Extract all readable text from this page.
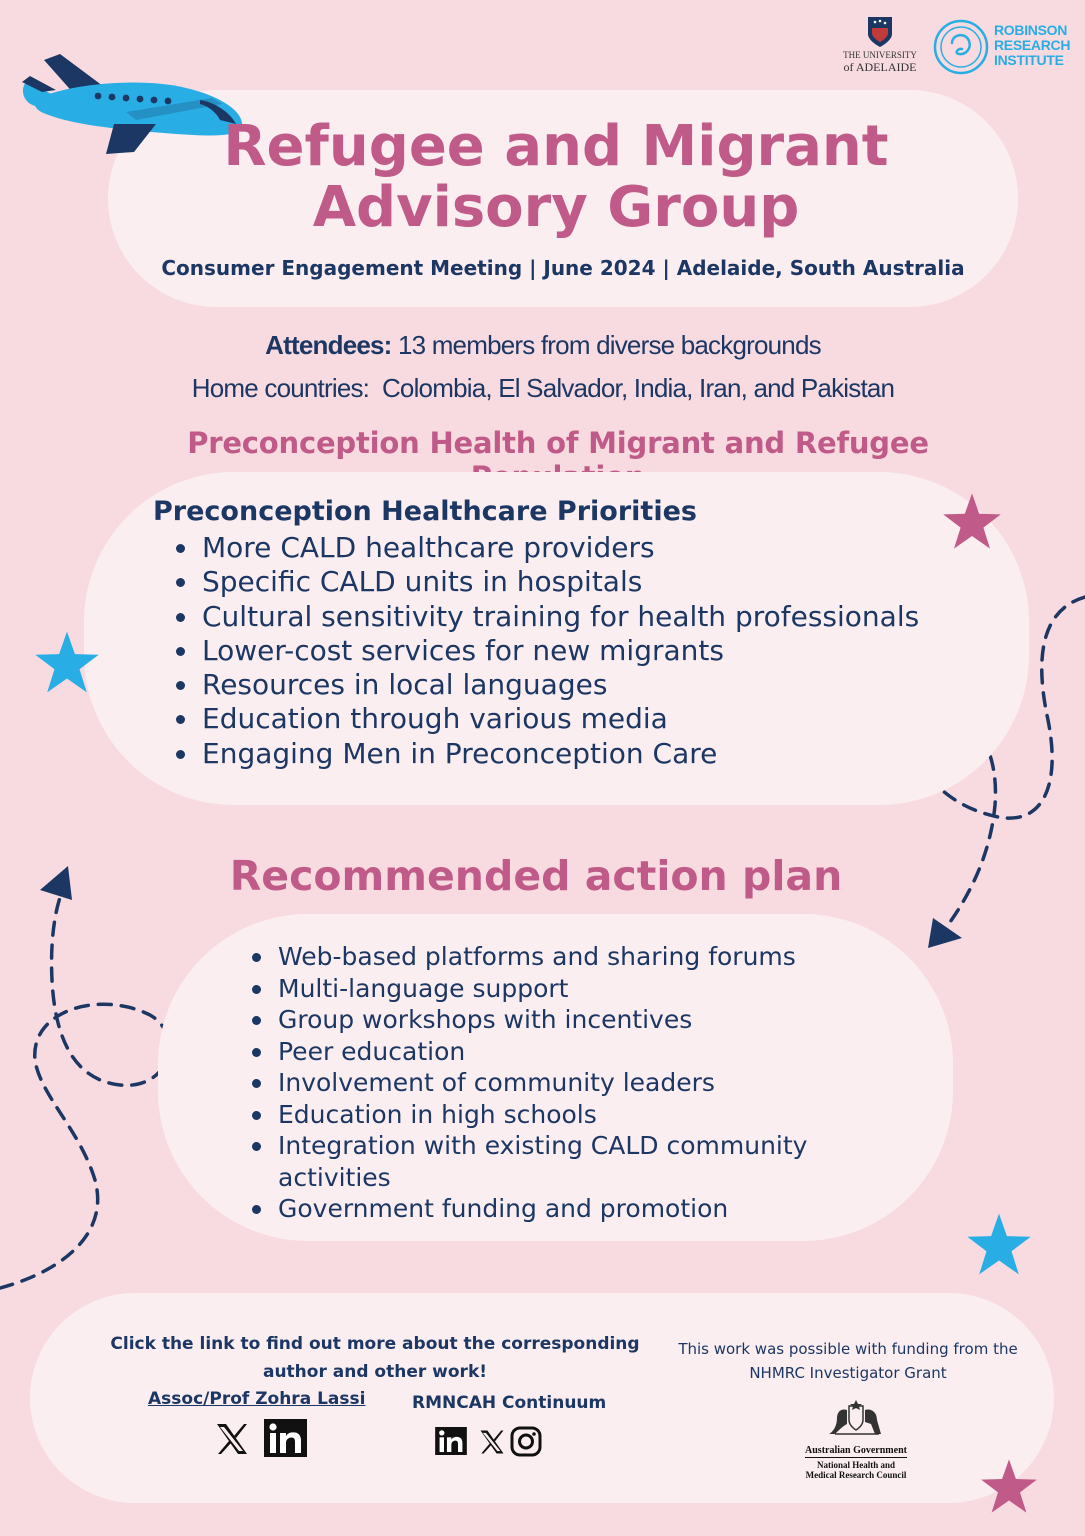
THE UNIVERSITY
of ADELAIDE
ROBINSON
RESEARCH
INSTITUTE
Refugee and Migrant
Advisory Group
Consumer Engagement Meeting | June 2024 | Adelaide, South Australia
Attendees: 13 members from diverse backgrounds
Home countries:  Colombia, El Salvador, India, Iran, and Pakistan
Preconception Health of Migrant and Refugee
Preconception Healthcare Priorities
More CALD healthcare providers
Specific CALD units in hospitals
Cultural sensitivity training for health professionals
Lower-cost services for new migrants
Resources in local languages
Education through various media
Engaging Men in Preconception Care
Recommended action plan
Web-based platforms and sharing forums
Multi-language support
Group workshops with incentives
Peer education
Involvement of community leaders
Education in high schools
Integration with existing CALD community activities
Government funding and promotion
Click the link to find out more about the corresponding
author and other work!
Assoc/Prof Zohra Lassi	RMNCAH Continuum
This work was possible with funding from the
NHMRC Investigator Grant
Australian Government
National Health and
Medical Research Council
